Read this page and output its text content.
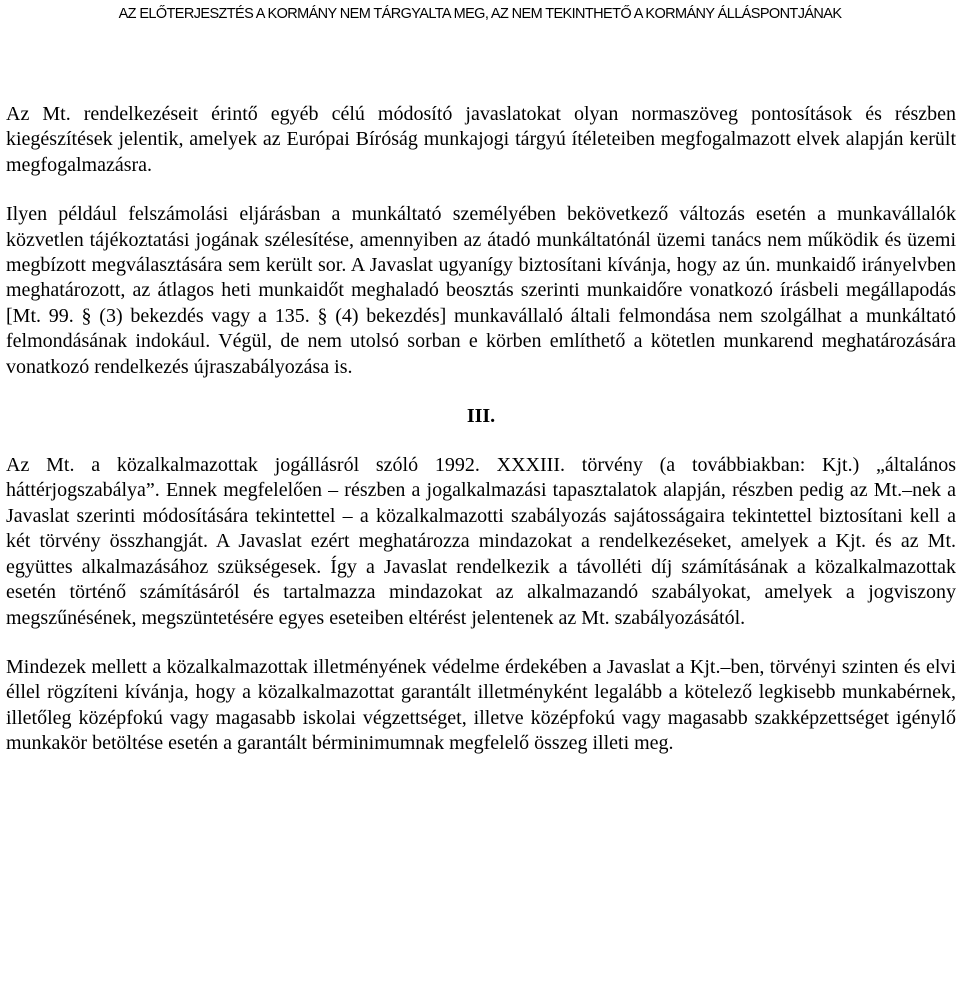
AZ ELŐTERJESZTÉS A KORMÁNY NEM TÁRGYALTA MEG, AZ NEM TEKINTHETŐ A KORMÁNY ÁLLÁSPONTJÁNAK

Az Mt. rendelkezéseit érintő egyéb célú módosító javaslatokat olyan normaszöveg pontosítások és részben kiegészítések jelentik, amelyek az Európai Bíróság munkajogi tárgyú ítéleteiben megfogalmazott elvek alapján került megfogalmazásra.

Ilyen például felszámolási eljárásban a munkáltató személyében bekövetkező változás esetén a munkavállalók közvetlen tájékoztatási jogának szélesítése, amennyiben az átadó munkáltatónál üzemi tanács nem működik és üzemi megbízott megválasztására sem került sor. A Javaslat ugyanígy biztosítani kívánja, hogy az ún. munkaidő irányelvben meghatározott, az átlagos heti munkaidőt meghaladó beosztás szerinti munkaidőre vonatkozó írásbeli megállapodás [Mt. 99. § (3) bekezdés vagy a 135. § (4) bekezdés] munkavállaló általi felmondása nem szolgálhat a munkáltató felmondásának indokául. Végül, de nem utolsó sorban e körben említhető a kötetlen munkarend meghatározására vonatkozó rendelkezés újraszabályozása is.

III.

Az Mt. a közalkalmazottak jogállásról szóló 1992. XXXIII. törvény (a továbbiakban: Kjt.) „általános háttérjogszabálya”. Ennek megfelelően – részben a jogalkalmazási tapasztalatok alapján, részben pedig az Mt.–nek a Javaslat szerinti módosítására tekintettel – a közalkalmazotti szabályozás sajátosságaira tekintettel biztosítani kell a két törvény összhangját. A Javaslat ezért meghatározza mindazokat a rendelkezéseket, amelyek a Kjt. és az Mt. együttes alkalmazásához szükségesek. Így a Javaslat rendelkezik a távolléti díj számításának a közalkalmazottak esetén történő számításáról és tartalmazza mindazokat az alkalmazandó szabályokat, amelyek a jogviszony megszűnésének, megszüntetésére egyes eseteiben eltérést jelentenek az Mt. szabályozásától.

Mindezek mellett a közalkalmazottak illetményének védelme érdekében a Javaslat a Kjt.–ben, törvényi szinten és elvi éllel rögzíteni kívánja, hogy a közalkalmazottat garantált illetményként legalább a kötelező legkisebb munkabérnek, illetőleg középfokú vagy magasabb iskolai végzettséget, illetve középfokú vagy magasabb szakképzettséget igénylő munkakör betöltése esetén a garantált bérminimumnak megfelelő összeg illeti meg.
